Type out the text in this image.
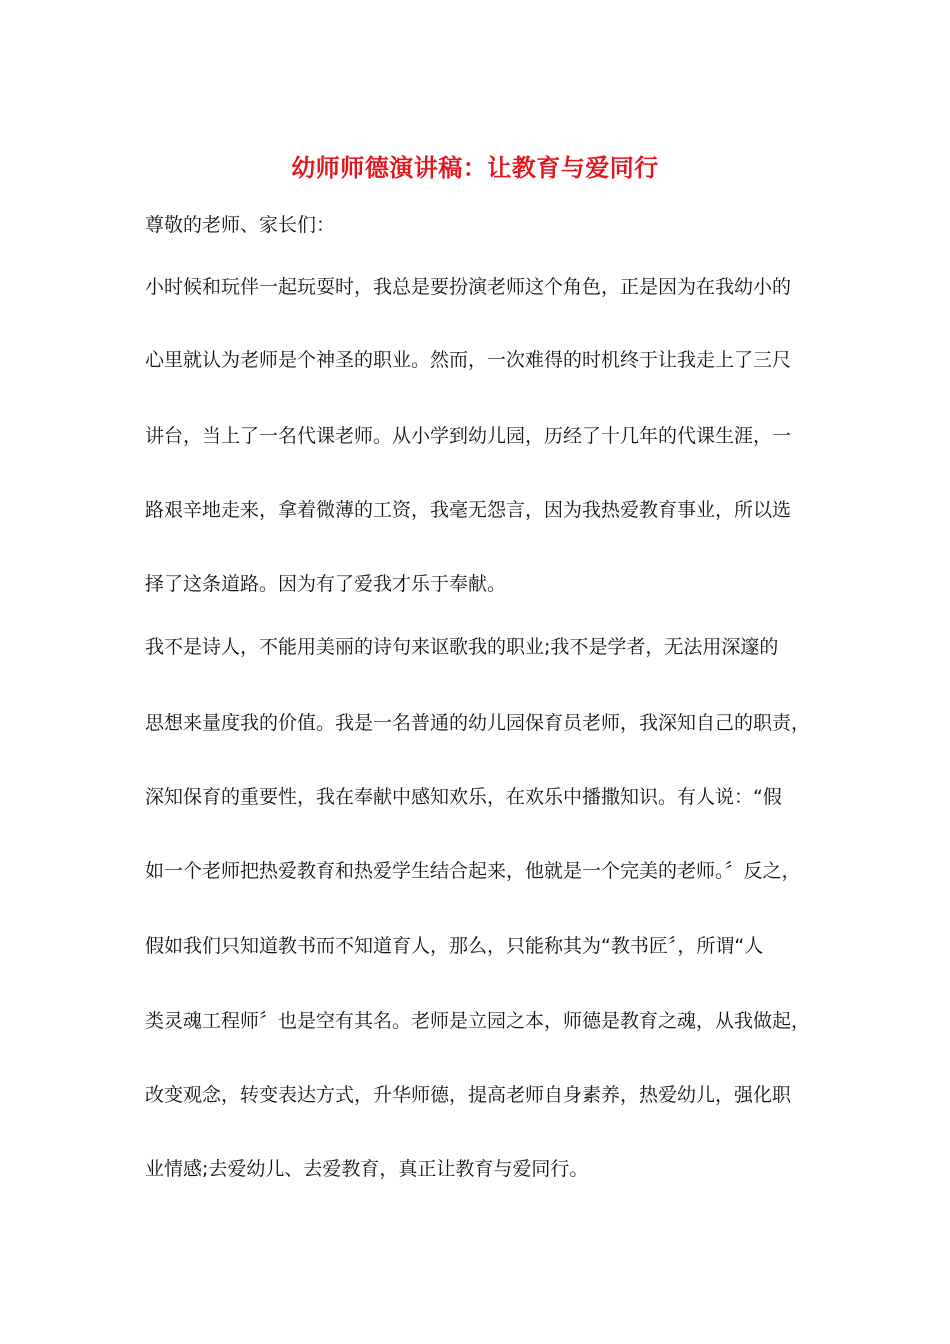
幼师师德演讲稿：让教育与爱同行
尊敬的老师、家长们：
小时候和玩伴一起玩耍时，我总是要扮演老师这个角色，正是因为在我幼小的
心里就认为老师是个神圣的职业。然而，一次难得的时机终于让我走上了三尺
讲台，当上了一名代课老师。从小学到幼儿园，历经了十几年的代课生涯，一
路艰辛地走来，拿着微薄的工资，我毫无怨言，因为我热爱教育事业，所以选
择了这条道路。因为有了爱我才乐于奉献。
我不是诗人，不能用美丽的诗句来讴歌我的职业;我不是学者，无法用深邃的
思想来量度我的价值。我是一名普通的幼儿园保育员老师，我深知自己的职责，
深知保育的重要性，我在奉献中感知欢乐，在欢乐中播撒知识。有人说：“假
如一个老师把热爱教育和热爱学生结合起来，他就是一个完美的老师。〞反之，
假如我们只知道教书而不知道育人，那么，只能称其为“教书匠〞，所谓“人
类灵魂工程师〞也是空有其名。老师是立园之本，师德是教育之魂，从我做起，
改变观念，转变表达方式，升华师德，提高老师自身素养，热爱幼儿，强化职
业情感;去爱幼儿、去爱教育，真正让教育与爱同行。
